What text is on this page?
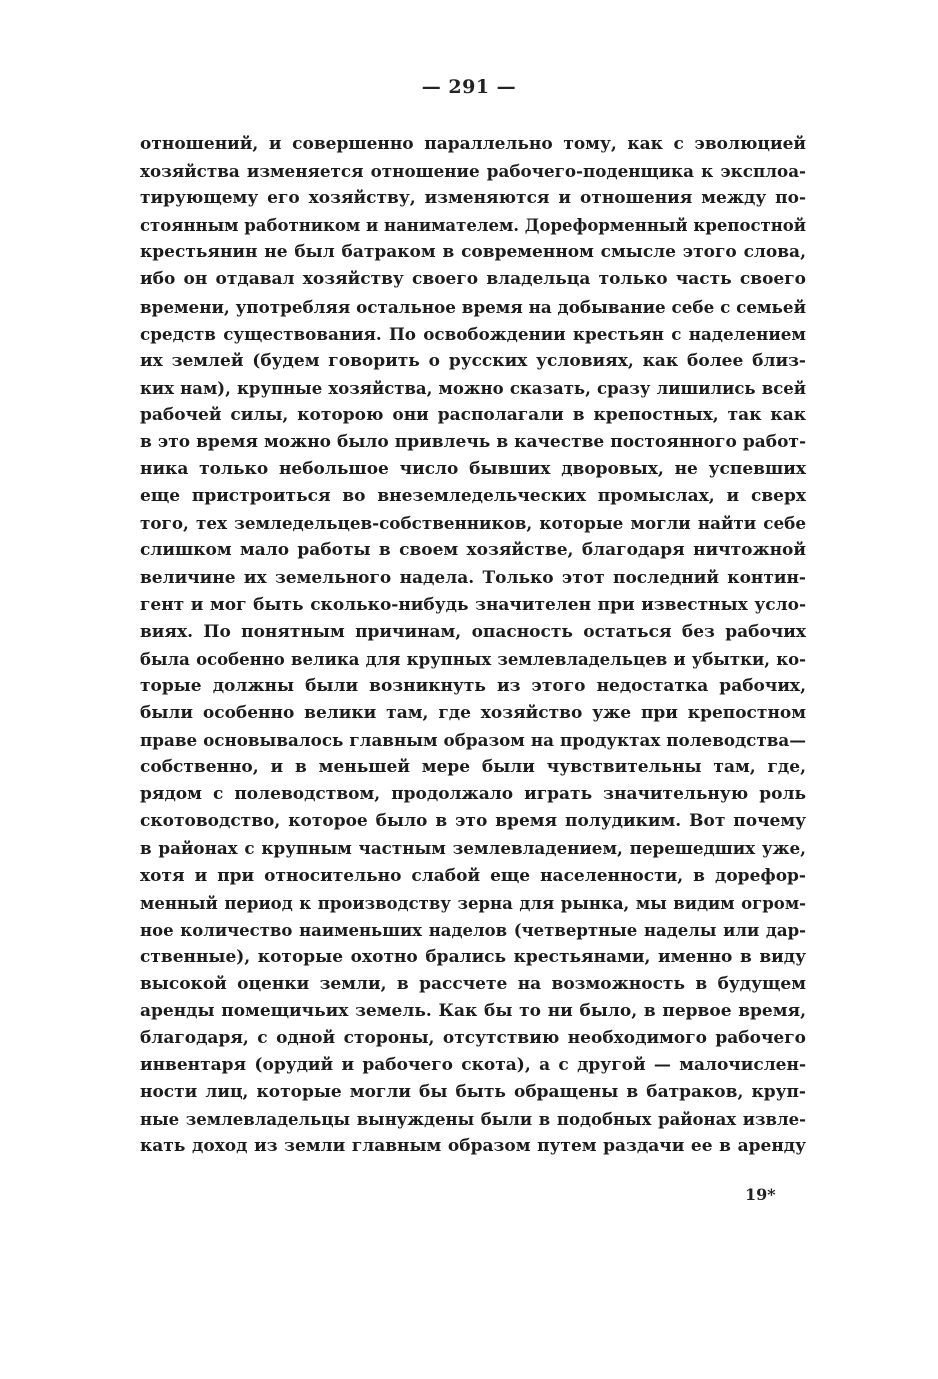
— 291 —
отношений, и совершенно параллельно тому, как с эволюцией
хозяйства изменяется отношение рабочего-поденщика к эксплоа-
тирующему его хозяйству, изменяются и отношения между по-
стоянным работником и нанимателем. Дореформенный крепостной
крестьянин не был батраком в современном смысле этого слова,
ибо он отдавал хозяйству своего владельца только часть своего
времени, употребляя остальное время на добывание себе с семьей
средств существования. По освобождении крестьян с наделением
их землей (будем говорить о русских условиях, как более близ-
ких нам), крупные хозяйства, можно сказать, сразу лишились всей
рабочей силы, которою они располагали в крепостных, так как
в это время можно было привлечь в качестве постоянного работ-
ника только небольшое число бывших дворовых, не успевших
еще пристроиться во внеземледельческих промыслах, и сверх
того, тех земледельцев-собственников, которые могли найти себе
слишком мало работы в своем хозяйстве, благодаря ничтожной
величине их земельного надела. Только этот последний контин-
гент и мог быть сколько-нибудь значителен при известных усло-
виях. По понятным причинам, опасность остаться без рабочих
была особенно велика для крупных землевладельцев и убытки, ко-
торые должны были возникнуть из этого недостатка рабочих,
были особенно велики там, где хозяйство уже при крепостном
праве основывалось главным образом на продуктах полеводства—
собственно, и в меньшей мере были чувствительны там, где,
рядом с полеводством, продолжало играть значительную роль
скотоводство, которое было в это время полудиким. Вот почему
в районах с крупным частным землевладением, перешедших уже,
хотя и при относительно слабой еще населенности, в дорефор-
менный период к производству зерна для рынка, мы видим огром-
ное количество наименьших наделов (четвертные наделы или дар-
ственные), которые охотно брались крестьянами, именно в виду
высокой оценки земли, в рассчете на возможность в будущем
аренды помещичьих земель. Как бы то ни было, в первое время,
благодаря, с одной стороны, отсутствию необходимого рабочего
инвентаря (орудий и рабочего скота), а с другой — малочислен-
ности лиц, которые могли бы быть обращены в батраков, круп-
ные землевладельцы вынуждены были в подобных районах извле-
кать доход из земли главным образом путем раздачи ее в аренду
19*
